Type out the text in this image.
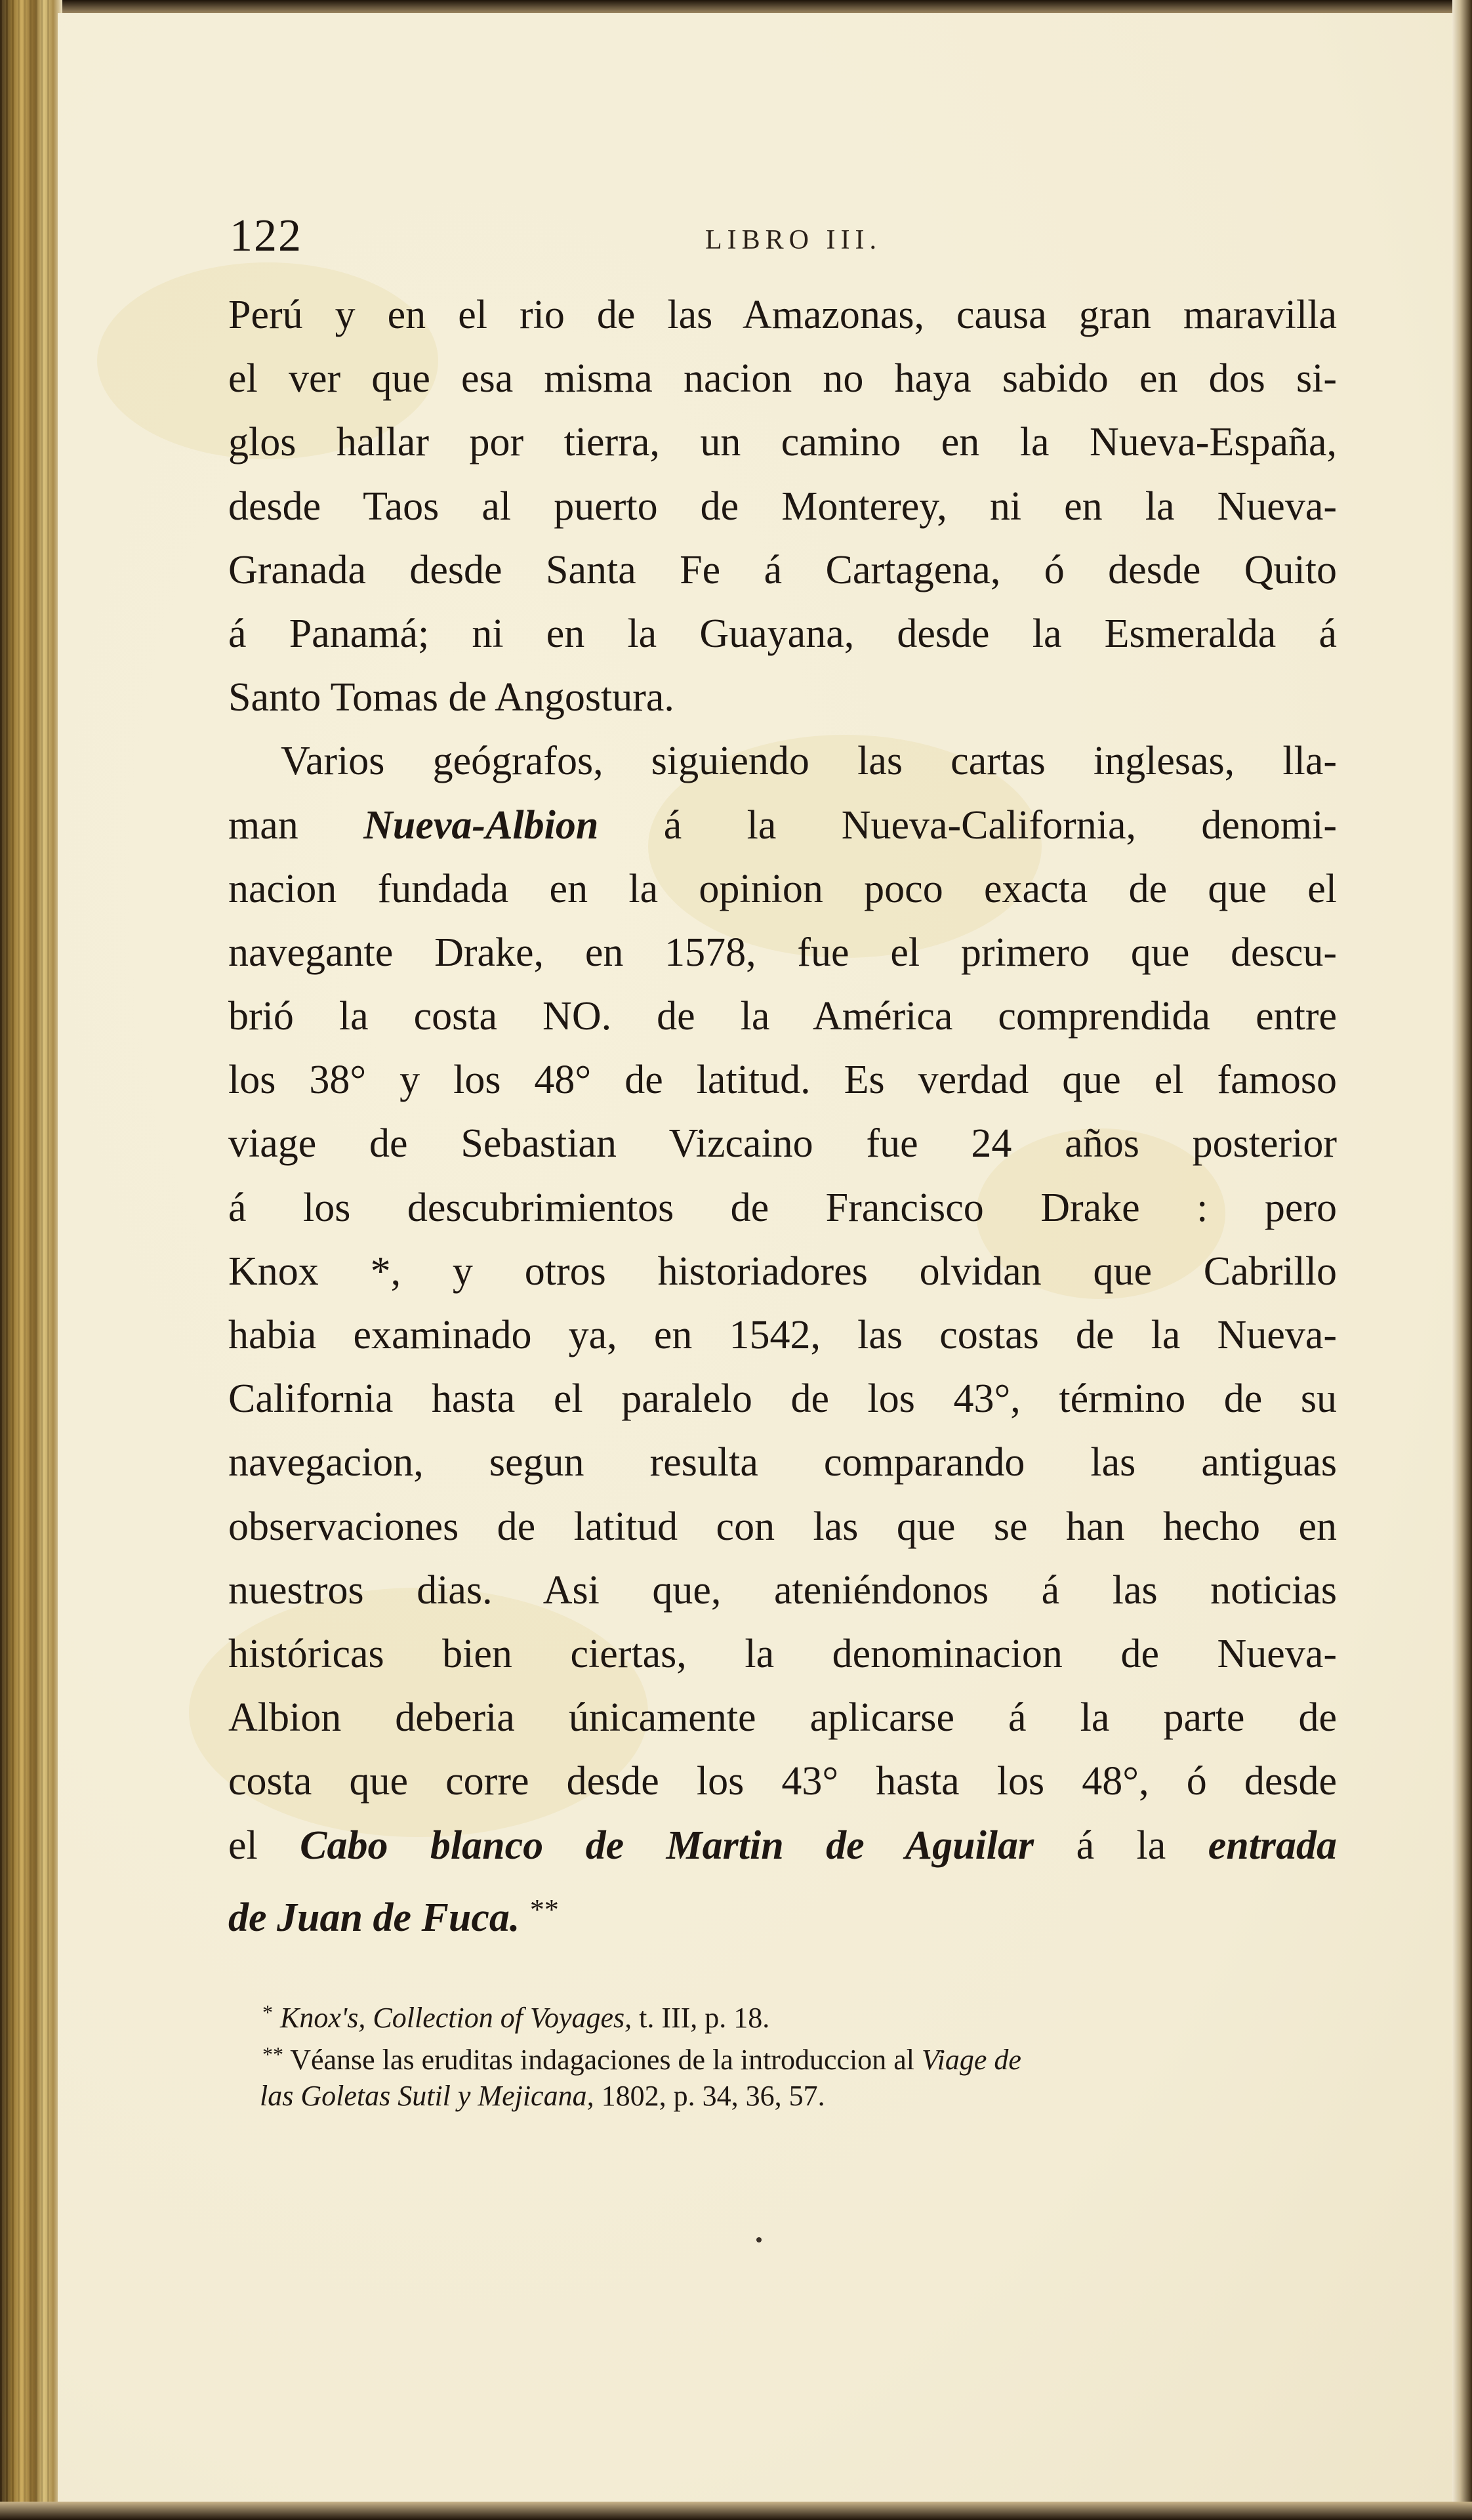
122	LIBRO III.
Perú y en el rio de las Amazonas, causa gran maravilla
el ver que esa misma nacion no haya sabido en dos si-
glos hallar por tierra, un camino en la Nueva-España,
desde Taos al puerto de Monterey, ni en la Nueva-
Granada desde Santa Fe á Cartagena, ó desde Quito
á Panamá; ni en la Guayana, desde la Esmeralda á
Santo Tomas de Angostura.
Varios geógrafos, siguiendo las cartas inglesas, lla-
man Nueva-Albion á la Nueva-California, denomi-
nacion fundada en la opinion poco exacta de que el
navegante Drake, en 1578, fue el primero que descu-
brió la costa NO. de la América comprendida entre
los 38° y los 48° de latitud. Es verdad que el famoso
viage de Sebastian Vizcaino fue 24 años posterior
á los descubrimientos de Francisco Drake : pero
Knox *, y otros historiadores olvidan que Cabrillo
habia examinado ya, en 1542, las costas de la Nueva-
California hasta el paralelo de los 43°, término de su
navegacion, segun resulta comparando las antiguas
observaciones de latitud con las que se han hecho en
nuestros dias. Asi que, ateniéndonos á las noticias
históricas bien ciertas, la denominacion de Nueva-
Albion deberia únicamente aplicarse á la parte de
costa que corre desde los 43° hasta los 48°, ó desde
el Cabo blanco de Martin de Aguilar á la entrada
de Juan de Fuca. **
* Knox's, Collection of Voyages, t. III, p. 18.
** Véanse las eruditas indagaciones de la introduccion al Viage de
las Goletas Sutil y Mejicana, 1802, p. 34, 36, 57.
